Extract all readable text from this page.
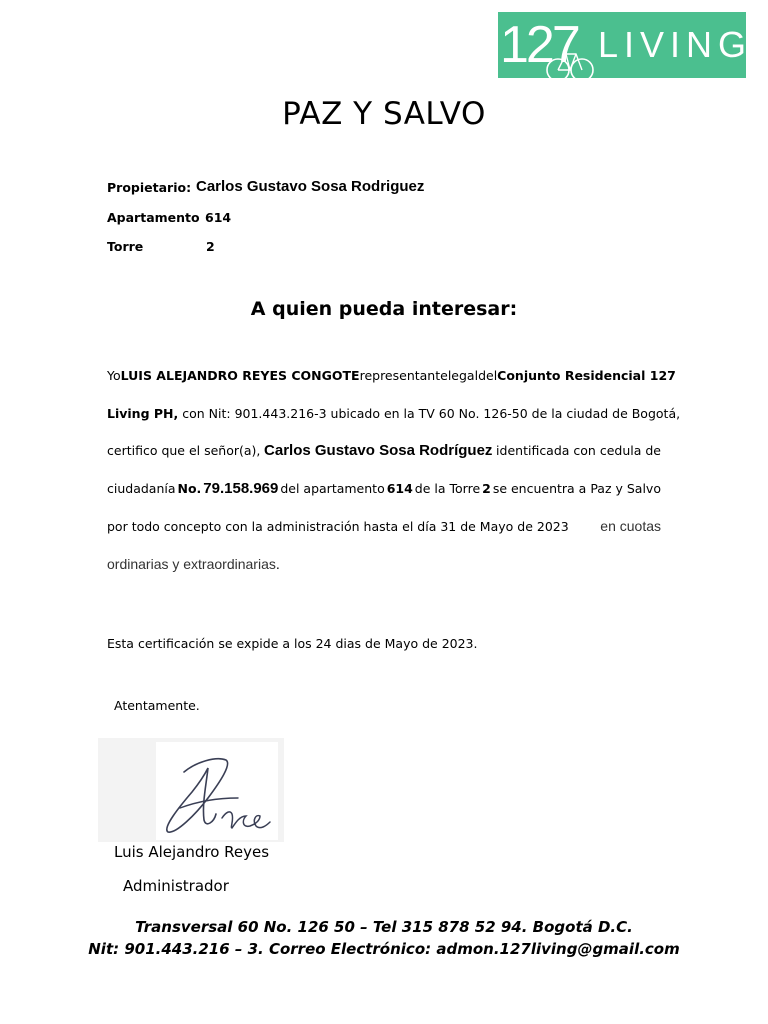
127 LIVING
PAZ Y SALVO
Propietario: Carlos Gustavo Sosa Rodriguez
Apartamento 614
Torre	2
A quien pueda interesar:
Yo LUIS ALEJANDRO REYES CONGOTE representante legal del Conjunto Residencial 127
Living PH, con Nit: 901.443.216-3 ubicado en la TV 60 No. 126-50 de la ciudad de Bogotá,
certifico que el señor(a), Carlos Gustavo Sosa Rodríguez identificada con cedula de
ciudadanía No. 79.158.969 del apartamento 614 de la Torre 2 se encuentra a Paz y Salvo
por todo concepto con la administración hasta el día 31 de Mayo de 2023 en cuotas
ordinarias y extraordinarias.
Esta certificación se expide a los 24 dias de Mayo de 2023.
Atentamente.
Luis Alejandro Reyes
Administrador
Transversal 60 No. 126 50 – Tel 315 878 52 94. Bogotá D.C.
Nit: 901.443.216 – 3. Correo Electrónico: admon.127living@gmail.com
